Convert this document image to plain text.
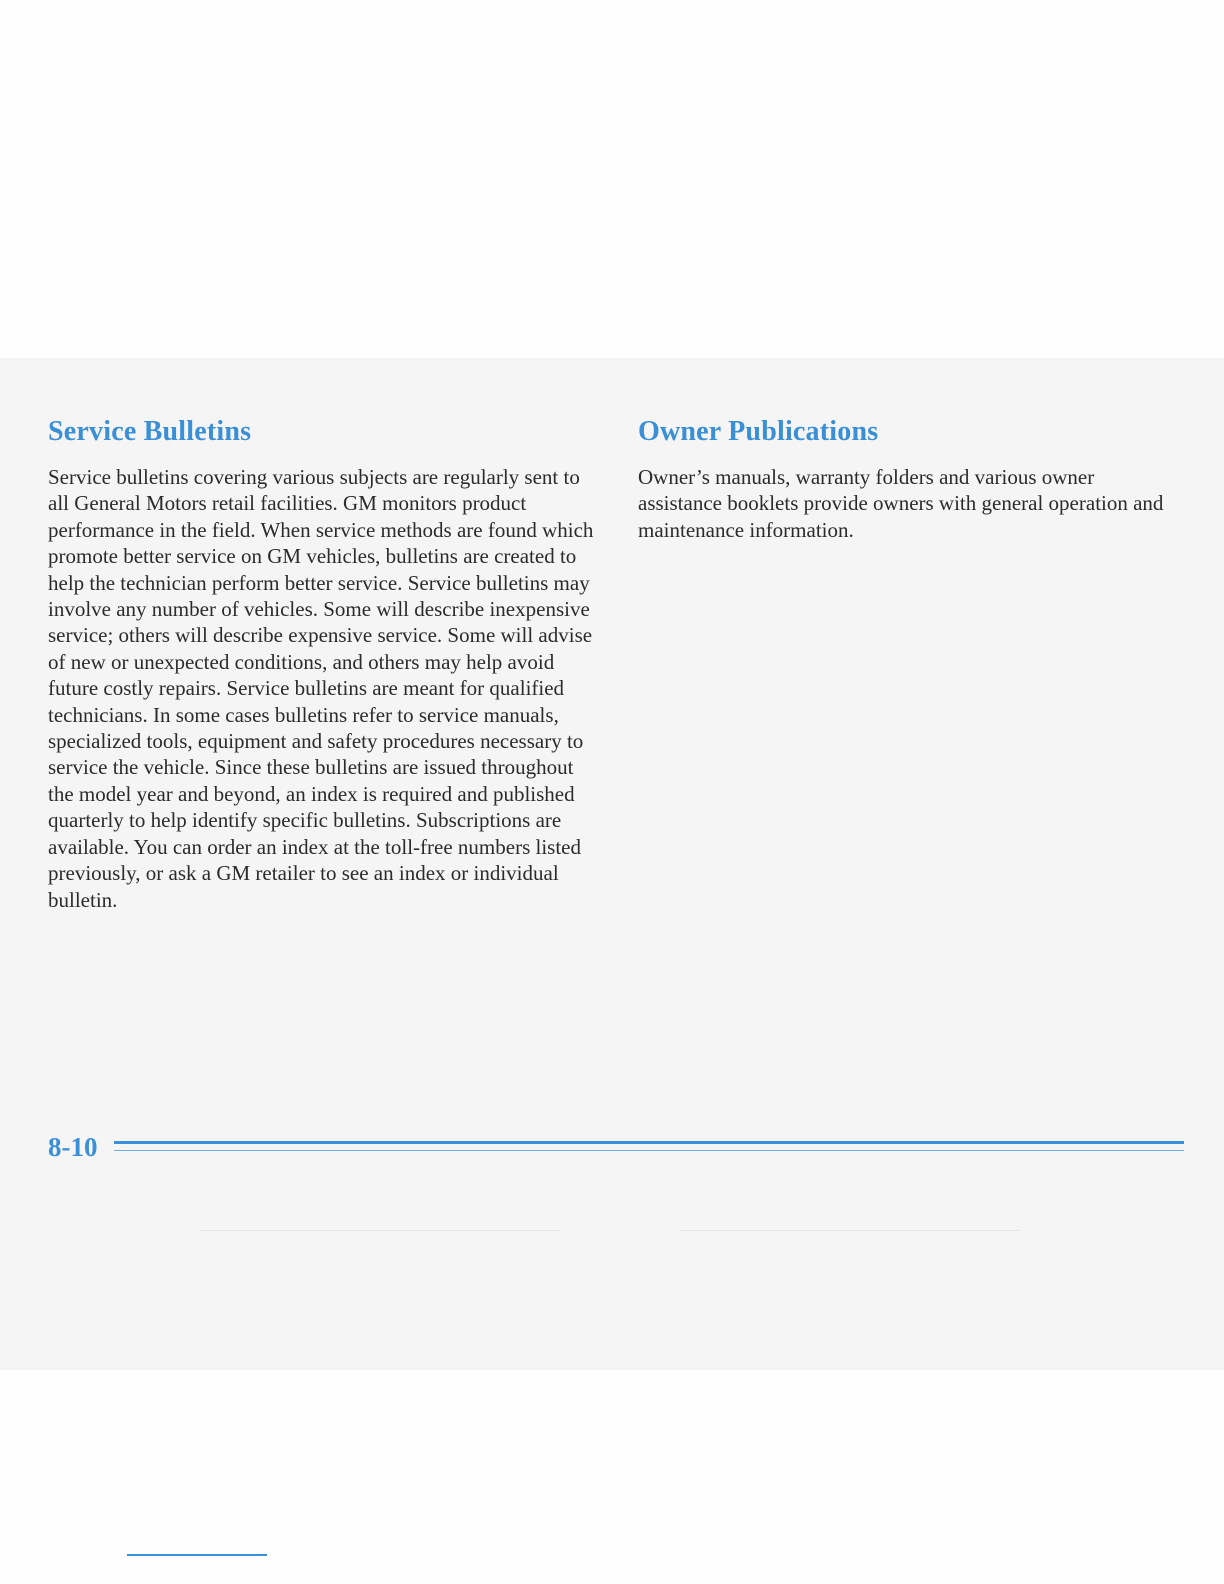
Service Bulletins

Service bulletins covering various subjects are regularly sent to all General Motors retail facilities. GM monitors product performance in the field. When service methods are found which promote better service on GM vehicles, bulletins are created to help the technician perform better service. Service bulletins may involve any number of vehicles. Some will describe inexpensive service; others will describe expensive service. Some will advise of new or unexpected conditions, and others may help avoid future costly repairs. Service bulletins are meant for qualified technicians. In some cases bulletins refer to service manuals, specialized tools, equipment and safety procedures necessary to service the vehicle. Since these bulletins are issued throughout the model year and beyond, an index is required and published quarterly to help identify specific bulletins. Subscriptions are available. You can order an index at the toll-free numbers listed previously, or ask a GM retailer to see an index or individual bulletin.

Owner Publications

Owner’s manuals, warranty folders and various owner assistance booklets provide owners with general operation and maintenance information.

8-10
